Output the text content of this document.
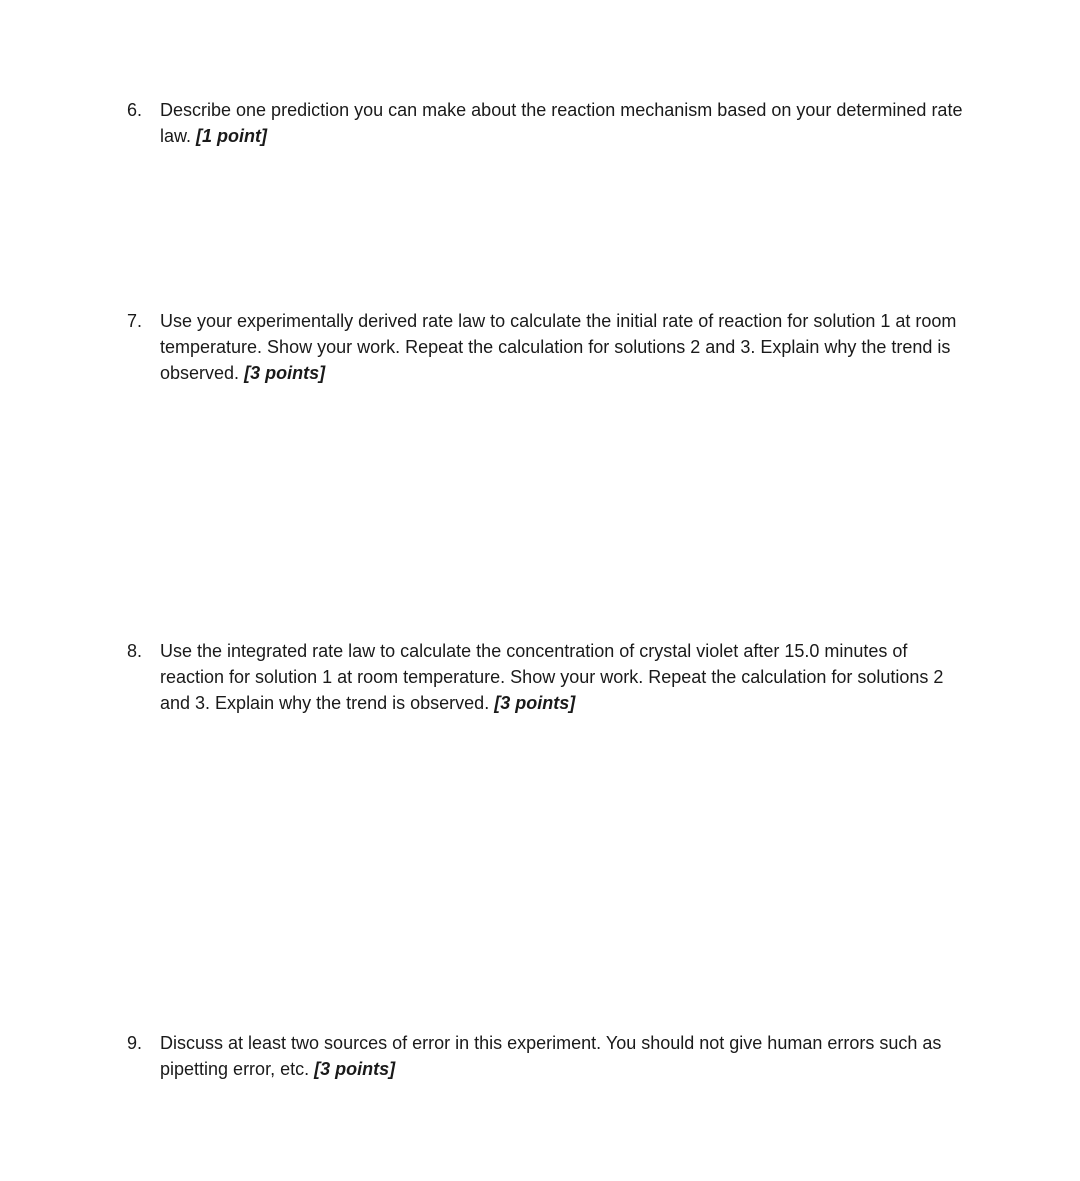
6. Describe one prediction you can make about the reaction mechanism based on your determined rate law. [1 point]
7. Use your experimentally derived rate law to calculate the initial rate of reaction for solution 1 at room temperature. Show your work. Repeat the calculation for solutions 2 and 3. Explain why the trend is observed. [3 points]
8. Use the integrated rate law to calculate the concentration of crystal violet after 15.0 minutes of reaction for solution 1 at room temperature. Show your work. Repeat the calculation for solutions 2 and 3. Explain why the trend is observed. [3 points]
9. Discuss at least two sources of error in this experiment. You should not give human errors such as pipetting error, etc. [3 points]
